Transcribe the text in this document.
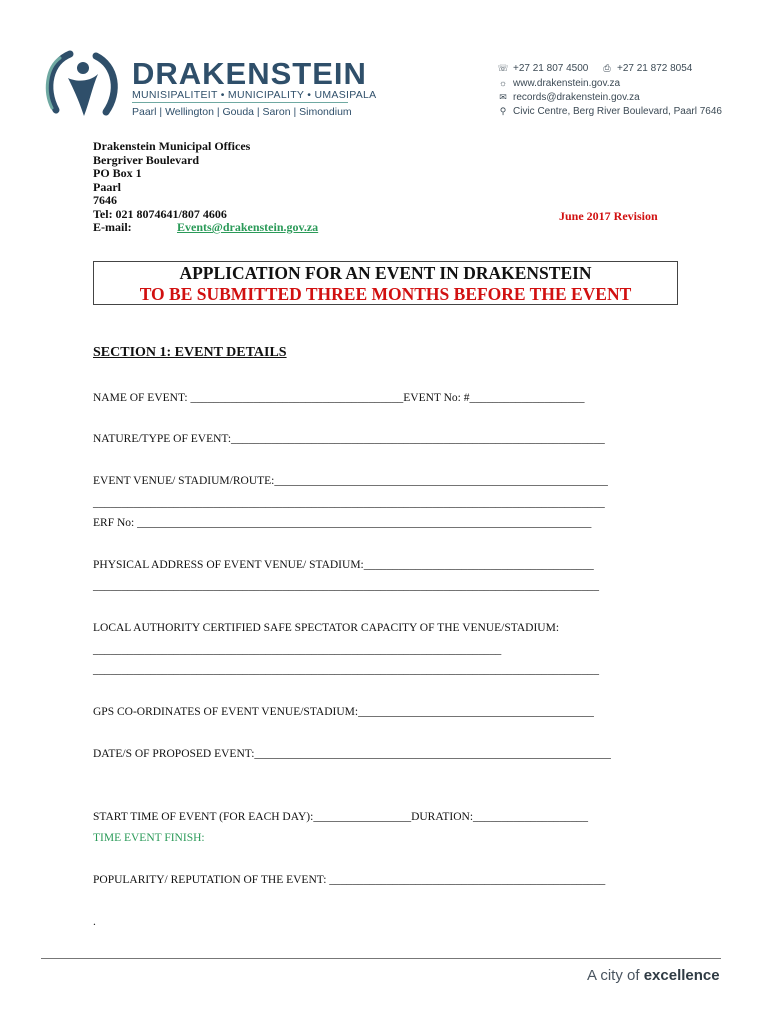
DRAKENSTEIN
MUNISIPALITEIT • MUNICIPALITY • UMASIPALA
Paarl | Wellington | Gouda | Saron | Simondium
☏ +27 21 807 4500 ⎙ +27 21 872 8054
☼ www.drakenstein.gov.za
✉ records@drakenstein.gov.za
⚲ Civic Centre, Berg River Boulevard, Paarl 7646
Drakenstein Municipal Offices
Bergriver Boulevard
PO Box 1
Paarl
7646
Tel: 021 8074641/807 4606
E-mail:	Events@drakenstein.gov.za
June 2017 Revision
APPLICATION FOR AN EVENT IN DRAKENSTEIN
TO BE SUBMITTED THREE MONTHS BEFORE THE EVENT
SECTION 1: EVENT DETAILS
NAME OF EVENT: _____________________________________EVENT No: #____________________
NATURE/TYPE OF EVENT:_________________________________________________________________
EVENT VENUE/ STADIUM/ROUTE:__________________________________________________________
_________________________________________________________________________________________
ERF No: _______________________________________________________________________________
PHYSICAL ADDRESS OF EVENT VENUE/ STADIUM:________________________________________
________________________________________________________________________________________
LOCAL AUTHORITY CERTIFIED SAFE SPECTATOR CAPACITY OF THE VENUE/STADIUM:
_______________________________________________________________________
________________________________________________________________________________________
GPS CO-ORDINATES OF EVENT VENUE/STADIUM:_________________________________________
DATE/S OF PROPOSED EVENT:______________________________________________________________
START TIME OF EVENT (FOR EACH DAY):_________________DURATION:____________________
TIME EVENT FINISH:
POPULARITY/ REPUTATION OF THE EVENT: ________________________________________________
.
A city of excellence
